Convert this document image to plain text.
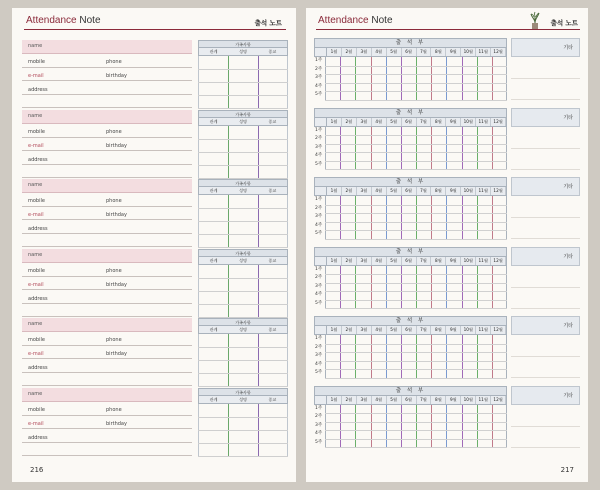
Attendance Note	출석 노트
name
mobile	phone
e-mail	birthday
address
가족사항
관계	성명	종교
name
mobile	phone
e-mail	birthday
address
가족사항
관계	성명	종교
name
mobile	phone
e-mail	birthday
address
가족사항
관계	성명	종교
name
mobile	phone
e-mail	birthday
address
가족사항
관계	성명	종교
name
mobile	phone
e-mail	birthday
address
가족사항
관계	성명	종교
name
mobile	phone
e-mail	birthday
address
가족사항
관계	성명	종교
216
Attendance Note	출석 노트
출 석 부
1월	2월	3월	4월	5월	6월	7월	8월	9월	10월	11월	12월
1주
2주
3주
4주
5주
기타
출 석 부
1월	2월	3월	4월	5월	6월	7월	8월	9월	10월	11월	12월
1주
2주
3주
4주
5주
기타
출 석 부
1월	2월	3월	4월	5월	6월	7월	8월	9월	10월	11월	12월
1주
2주
3주
4주
5주
기타
출 석 부
1월	2월	3월	4월	5월	6월	7월	8월	9월	10월	11월	12월
1주
2주
3주
4주
5주
기타
출 석 부
1월	2월	3월	4월	5월	6월	7월	8월	9월	10월	11월	12월
1주
2주
3주
4주
5주
기타
출 석 부
1월	2월	3월	4월	5월	6월	7월	8월	9월	10월	11월	12월
1주
2주
3주
4주
5주
기타
217
